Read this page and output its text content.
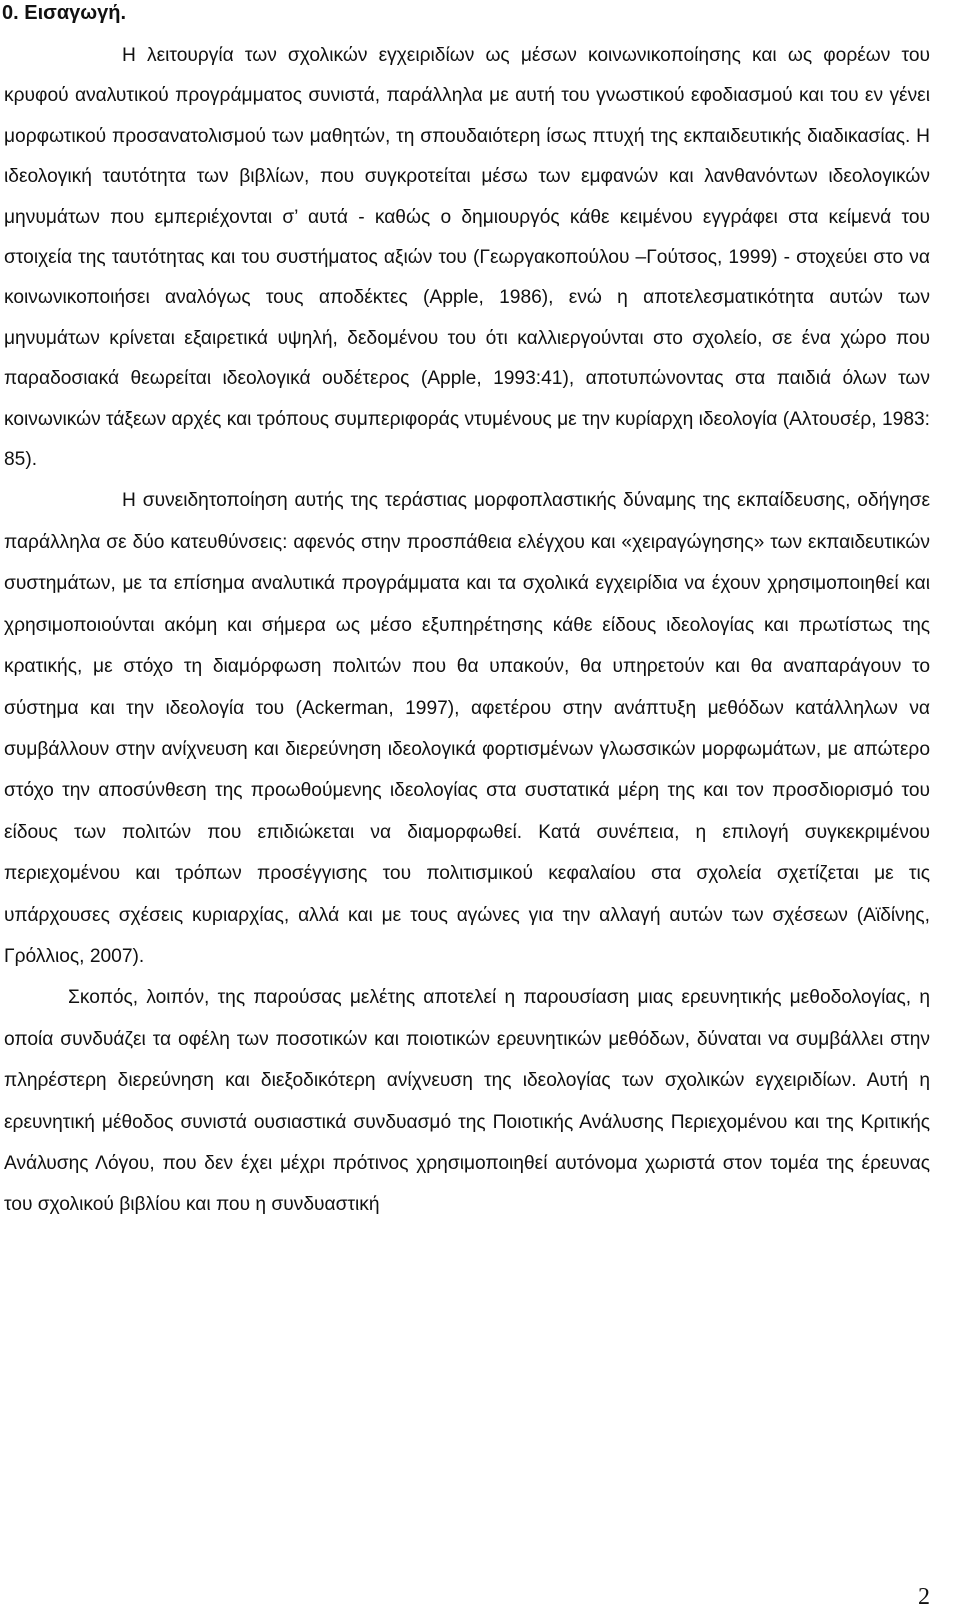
0. Εισαγωγή.

Η λειτουργία των σχολικών εγχειριδίων ως μέσων κοινωνικοποίησης και ως φορέων του κρυφού αναλυτικού προγράμματος συνιστά, παράλληλα με αυτή του γνωστικού εφοδιασμού και του εν γένει μορφωτικού προσανατολισμού των μαθητών, τη σπουδαιότερη ίσως πτυχή της εκπαιδευτικής διαδικασίας. Η ιδεολογική ταυτότητα των βιβλίων, που συγκροτείται μέσω των εμφανών και λανθανόντων ιδεολογικών μηνυμάτων που εμπεριέχονται σ’ αυτά - καθώς ο δημιουργός κάθε κειμένου εγγράφει στα κείμενά του στοιχεία της ταυτότητας και του συστήματος αξιών του (Γεωργακοπούλου –Γούτσος, 1999) - στοχεύει στο να κοινωνικοποιήσει αναλόγως τους αποδέκτες (Apple, 1986), ενώ η αποτελεσματικότητα αυτών των μηνυμάτων κρίνεται εξαιρετικά υψηλή, δεδομένου του ότι καλλιεργούνται στο σχολείο, σε ένα χώρο που παραδοσιακά θεωρείται ιδεολογικά ουδέτερος (Apple, 1993:41), αποτυπώνοντας στα παιδιά όλων των κοινωνικών τάξεων αρχές και τρόπους συμπεριφοράς ντυμένους με την κυρίαρχη ιδεολογία (Αλτουσέρ, 1983: 85).

Η συνειδητοποίηση αυτής της τεράστιας μορφοπλαστικής δύναμης της εκπαίδευσης, οδήγησε παράλληλα σε δύο κατευθύνσεις: αφενός στην προσπάθεια ελέγχου και «χειραγώγησης» των εκπαιδευτικών συστημάτων, με τα επίσημα αναλυτικά προγράμματα και τα σχολικά εγχειρίδια να έχουν χρησιμοποιηθεί και χρησιμοποιούνται ακόμη και σήμερα ως μέσο εξυπηρέτησης κάθε είδους ιδεολογίας και πρωτίστως της κρατικής, με στόχο τη διαμόρφωση πολιτών που θα υπακούν, θα υπηρετούν και θα αναπαράγουν το σύστημα και την ιδεολογία του (Ackerman, 1997), αφετέρου στην ανάπτυξη μεθόδων κατάλληλων να συμβάλλουν στην ανίχνευση και διερεύνηση ιδεολογικά φορτισμένων γλωσσικών μορφωμάτων, με απώτερο στόχο την αποσύνθεση της προωθούμενης ιδεολογίας στα συστατικά μέρη της και τον προσδιορισμό του είδους των πολιτών που επιδιώκεται να διαμορφωθεί. Κατά συνέπεια, η επιλογή συγκεκριμένου περιεχομένου και τρόπων προσέγγισης του πολιτισμικού κεφαλαίου στα σχολεία σχετίζεται με τις υπάρχουσες σχέσεις κυριαρχίας, αλλά και με τους αγώνες για την αλλαγή αυτών των σχέσεων (Αϊδίνης, Γρόλλιος, 2007).

Σκοπός, λοιπόν, της παρούσας μελέτης αποτελεί η παρουσίαση μιας ερευνητικής μεθοδολογίας, η οποία συνδυάζει τα οφέλη των ποσοτικών και ποιοτικών ερευνητικών μεθόδων, δύναται να συμβάλλει στην πληρέστερη διερεύνηση και διεξοδικότερη ανίχνευση της ιδεολογίας των σχολικών εγχειριδίων. Αυτή η ερευνητική μέθοδος συνιστά ουσιαστικά συνδυασμό της Ποιοτικής Ανάλυσης Περιεχομένου και της Κριτικής Ανάλυσης Λόγου, που δεν έχει μέχρι πρότινος χρησιμοποιηθεί αυτόνομα χωριστά στον τομέα της έρευνας του σχολικού βιβλίου και που η συνδυαστική

2
